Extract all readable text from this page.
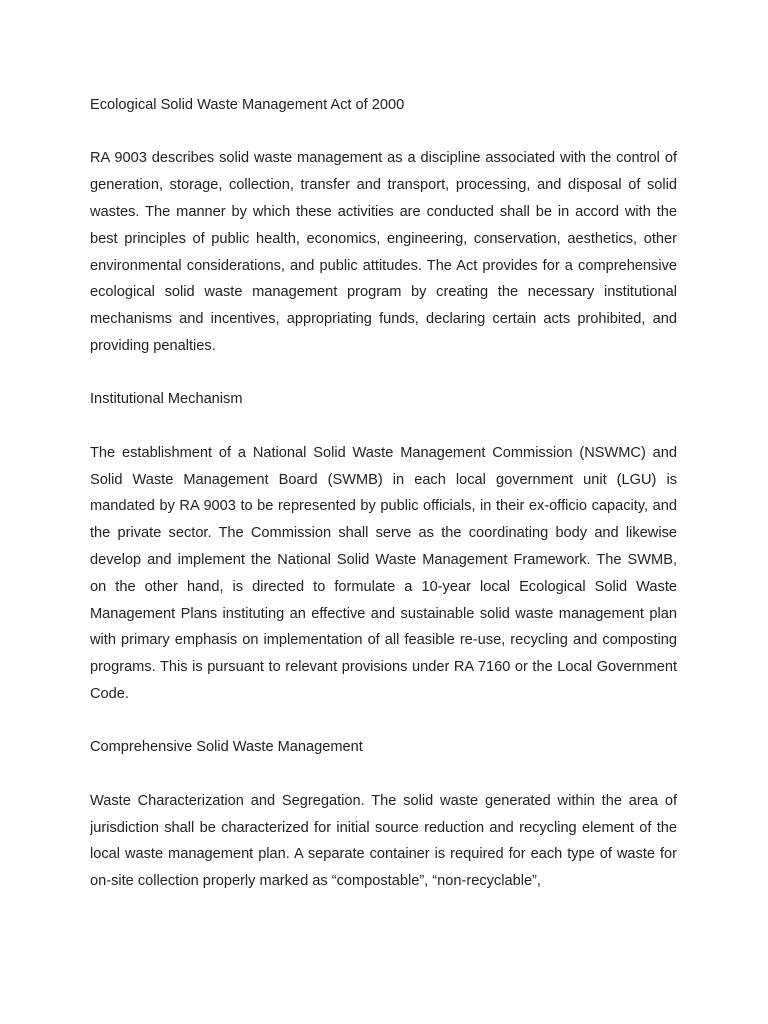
Ecological Solid Waste Management Act of 2000

RA 9003 describes solid waste management as a discipline associated with the control of generation, storage, collection, transfer and transport, processing, and disposal of solid wastes. The manner by which these activities are conducted shall be in accord with the best principles of public health, economics, engineering, conservation, aesthetics, other environmental considerations, and public attitudes. The Act provides for a comprehensive ecological solid waste management program by creating the necessary institutional mechanisms and incentives, appropriating funds, declaring certain acts prohibited, and providing penalties.

Institutional Mechanism

The establishment of a National Solid Waste Management Commission (NSWMC) and Solid Waste Management Board (SWMB) in each local government unit (LGU) is mandated by RA 9003 to be represented by public officials, in their ex-officio capacity, and the private sector. The Commission shall serve as the coordinating body and likewise develop and implement the National Solid Waste Management Framework. The SWMB, on the other hand, is directed to formulate a 10-year local Ecological Solid Waste Management Plans instituting an effective and sustainable solid waste management plan with primary emphasis on implementation of all feasible re-use, recycling and composting programs. This is pursuant to relevant provisions under RA 7160 or the Local Government Code.

Comprehensive Solid Waste Management

Waste Characterization and Segregation. The solid waste generated within the area of jurisdiction shall be characterized for initial source reduction and recycling element of the local waste management plan. A separate container is required for each type of waste for on-site collection properly marked as “compostable”, “non-recyclable”,
